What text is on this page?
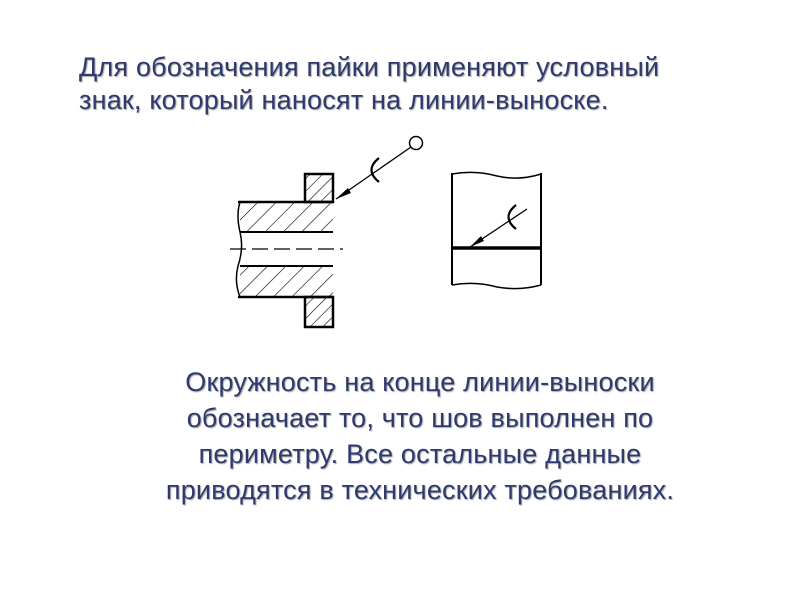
Для обозначения пайки применяют условный
знак, который наносят на линии-выноске.
Окружность на конце линии-выноски
обозначает то, что шов выполнен по
периметру. Все остальные данные
приводятся в технических требованиях.
